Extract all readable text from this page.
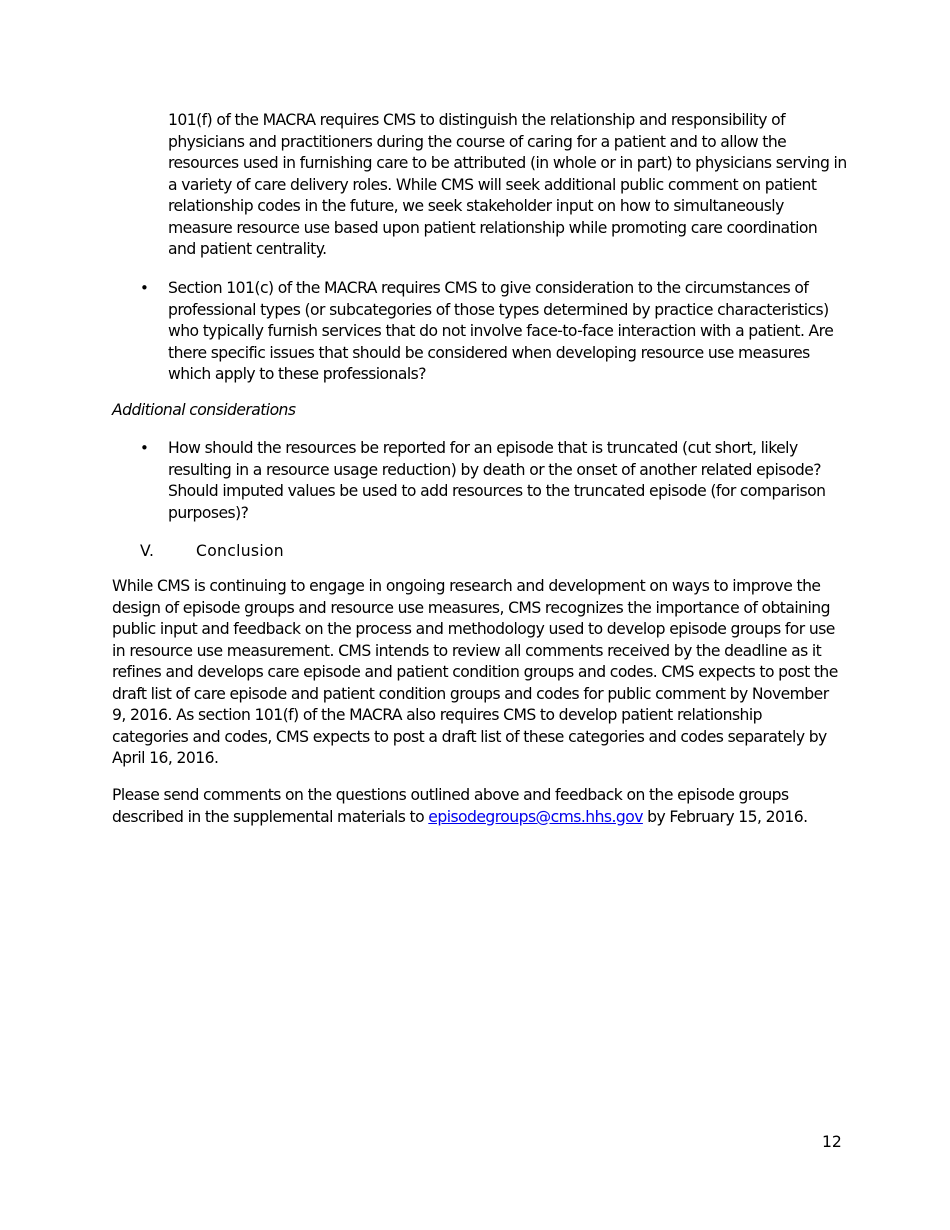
101(f) of the MACRA requires CMS to distinguish the relationship and responsibility of physicians and practitioners during the course of caring for a patient and to allow the resources used in furnishing care to be attributed (in whole or in part) to physicians serving in a variety of care delivery roles. While CMS will seek additional public comment on patient relationship codes in the future, we seek stakeholder input on how to simultaneously measure resource use based upon patient relationship while promoting care coordination and patient centrality.

• Section 101(c) of the MACRA requires CMS to give consideration to the circumstances of professional types (or subcategories of those types determined by practice characteristics) who typically furnish services that do not involve face-to-face interaction with a patient. Are there specific issues that should be considered when developing resource use measures which apply to these professionals?

Additional considerations

• How should the resources be reported for an episode that is truncated (cut short, likely resulting in a resource usage reduction) by death or the onset of another related episode? Should imputed values be used to add resources to the truncated episode (for comparison purposes)?

V.	Conclusion

While CMS is continuing to engage in ongoing research and development on ways to improve the design of episode groups and resource use measures, CMS recognizes the importance of obtaining public input and feedback on the process and methodology used to develop episode groups for use in resource use measurement. CMS intends to review all comments received by the deadline as it refines and develops care episode and patient condition groups and codes. CMS expects to post the draft list of care episode and patient condition groups and codes for public comment by November 9, 2016. As section 101(f) of the MACRA also requires CMS to develop patient relationship categories and codes, CMS expects to post a draft list of these categories and codes separately by April 16, 2016.

Please send comments on the questions outlined above and feedback on the episode groups described in the supplemental materials to episodegroups@cms.hhs.gov by February 15, 2016.

12
